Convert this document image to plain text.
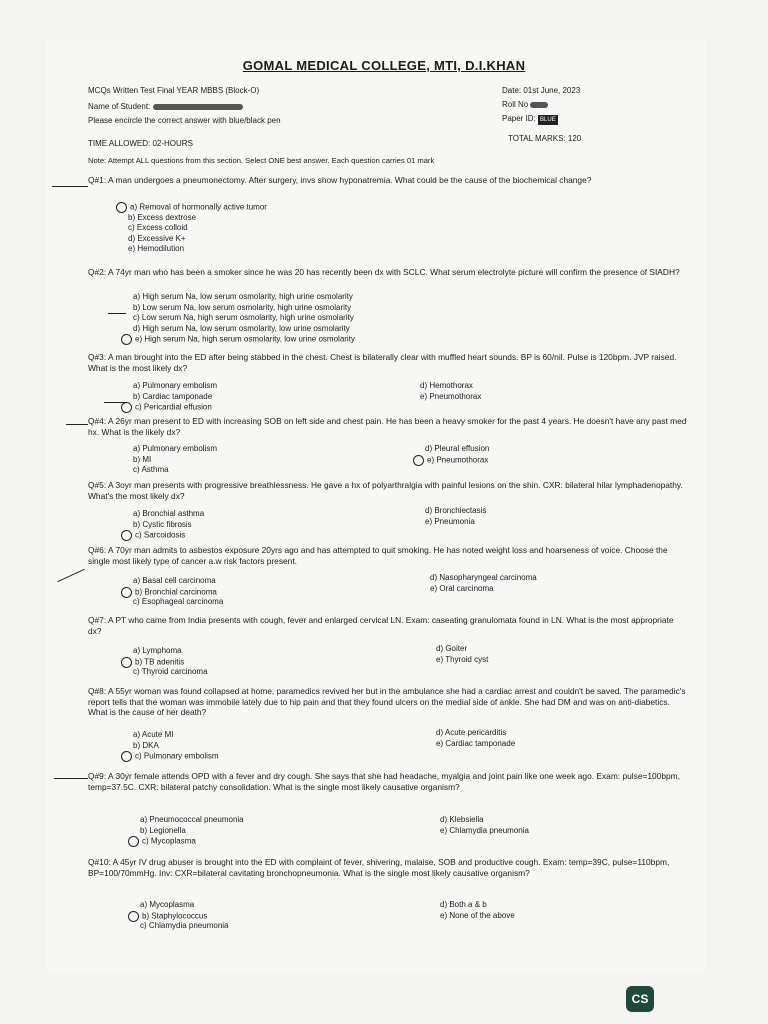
GOMAL MEDICAL COLLEGE, MTI, D.I.KHAN
MCQs Written Test Final YEAR MBBS (Block-O)	Date: 01st June, 2023
Name of Student:	Roll No
Please encircle the correct answer with blue/black pen	Paper ID: BLUE
TIME ALLOWED: 02-HOURS
TOTAL MARKS: 120
Note: Attempt ALL questions from this section. Select ONE best answer. Each question carries 01 mark
Q#1: A man undergoes a pneumonectomy. After surgery, invs show hyponatremia. What could be the cause of the biochemical change?
a) Removal of hormonally active tumor
b) Excess dextrose
c) Excess colloid
d) Excessive K+
e) Hemodilution
Q#2: A 74yr man who has been a smoker since he was 20 has recently been dx with SCLC. What serum electrolyte picture will confirm the presence of SIADH?
a) High serum Na, low serum osmolarity, high urine osmolarity
b) Low serum Na, low serum osmolarity, high urine osmolarity
c) Low serum Na, high serum osmolarity, high urine osmolarity
d) High serum Na, low serum osmolarity, low urine osmolarity
e) High serum Na, high serum osmolarity, low urine osmolarity
Q#3: A man brought into the ED after being stabbed in the chest. Chest is bilaterally clear with muffled heart sounds. BP is 60/nil. Pulse is 120bpm. JVP raised. What is the most likely dx?
a) Pulmonary embolism
b) Cardiac tamponade
c) Pericardial effusion
d) Hemothorax
e) Pneumothorax
Q#4: A 26yr man present to ED with increasing SOB on left side and chest pain. He has been a heavy smoker for the past 4 years. He doesn't have any past med hx. What is the likely dx?
a) Pulmonary embolism
b) MI
c) Asthma
d) Pleural effusion
e) Pneumothorax
Q#5: A 3oyr man presents with progressive breathlessness. He gave a hx of polyarthralgia with painful lesions on the shin. CXR: bilateral hilar lymphadenopathy. What's the most likely dx?
a) Bronchial asthma
b) Cystic fibrosis
c) Sarcoidosis
d) Bronchiectasis
e) Pneumonia
Q#6: A 70yr man admits to asbestos exposure 20yrs ago and has attempted to quit smoking. He has noted weight loss and hoarseness of voice. Choose the single most likely type of cancer a.w risk factors present.
a) Basal cell carcinoma
b) Bronchial carcinoma
c) Esophageal carcinoma
d) Nasopharyngeal carcinoma
e) Oral carcinoma
Q#7: A PT who came from India presents with cough, fever and enlarged cervical LN. Exam: caseating granulomata found in LN. What is the most appropriate dx?
a) Lymphoma
b) TB adenitis
c) Thyroid carcinoma
d) Goiter
e) Thyroid cyst
Q#8: A 55yr woman was found collapsed at home, paramedics revived her but in the ambulance she had a cardiac arrest and couldn't be saved. The paramedic's report tells that the woman was immobile lately due to hip pain and that they found ulcers on the medial side of ankle. She had DM and was on anti-diabetics. What is the cause of her death?
a) Acute MI
b) DKA
c) Pulmonary embolism
d) Acute pericarditis
e) Cardiac tamponade
Q#9: A 30yr female attends OPD with a fever and dry cough. She says that she had headache, myalgia and joint pain like one week ago. Exam: pulse=100bpm, temp=37.5C. CXR: bilateral patchy consolidation. What is the single most likely causative organism?
a) Pneumococcal pneumonia
b) Legionella
c) Mycoplasma
d) Klebsiella
e) Chlamydia pneumonia
Q#10: A 45yr IV drug abuser is brought into the ED with complaint of fever, shivering, malaise, SOB and productive cough. Exam: temp=39C, pulse=110bpm, BP=100/70mmHg. Inv: CXR=bilateral cavitating bronchopneumonia. What is the single most likely causative organism?
a) Mycoplasma
b) Staphylococcus
c) Chlamydia pneumonia
d) Both a & b
e) None of the above
CS
